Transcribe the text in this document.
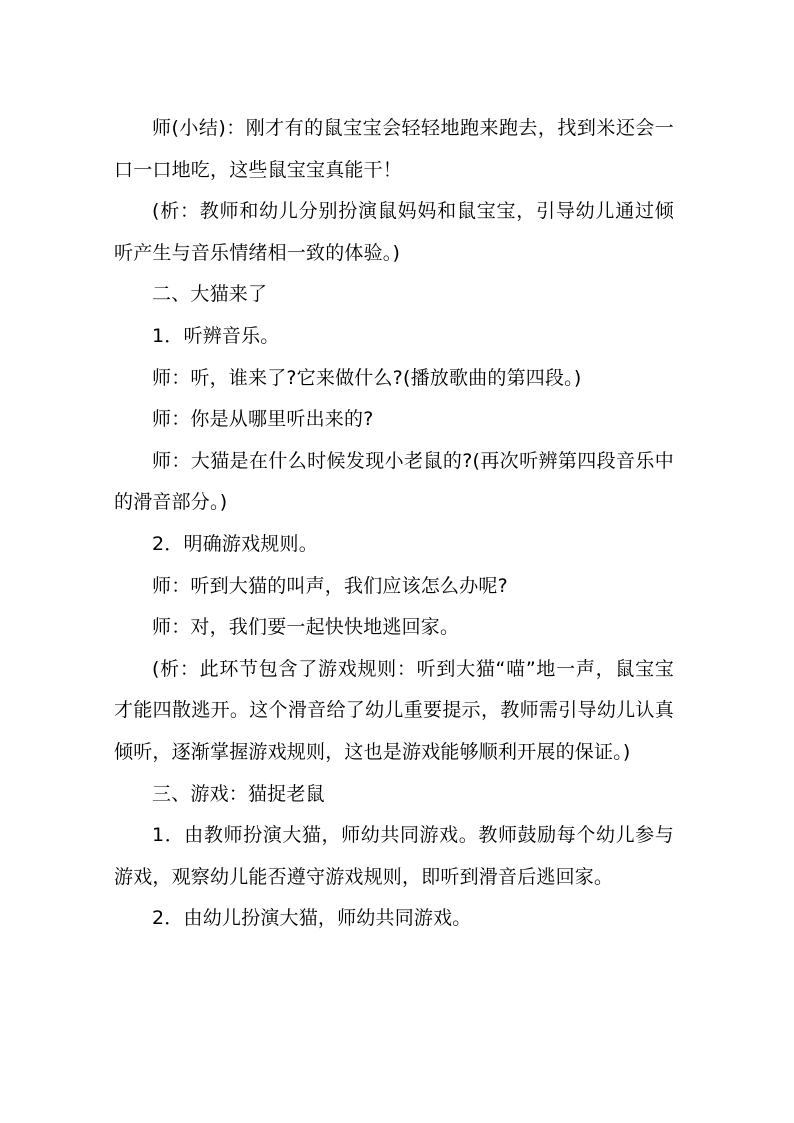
师(小结)：刚才有的鼠宝宝会轻轻地跑来跑去，找到米还会一口一口地吃，这些鼠宝宝真能干！

(析：教师和幼儿分别扮演鼠妈妈和鼠宝宝，引导幼儿通过倾听产生与音乐情绪相一致的体验。)

二、大猫来了

1．听辨音乐。

师：听，谁来了?它来做什么?(播放歌曲的第四段。)

师：你是从哪里听出来的?

师：大猫是在什么时候发现小老鼠的?(再次听辨第四段音乐中的滑音部分。)

2．明确游戏规则。

师：听到大猫的叫声，我们应该怎么办呢?

师：对，我们要一起快快地逃回家。

(析：此环节包含了游戏规则：听到大猫“喵”地一声，鼠宝宝才能四散逃开。这个滑音给了幼儿重要提示，教师需引导幼儿认真倾听，逐渐掌握游戏规则，这也是游戏能够顺利开展的保证。)

三、游戏：猫捉老鼠

1．由教师扮演大猫，师幼共同游戏。教师鼓励每个幼儿参与游戏，观察幼儿能否遵守游戏规则，即听到滑音后逃回家。

2．由幼儿扮演大猫，师幼共同游戏。
